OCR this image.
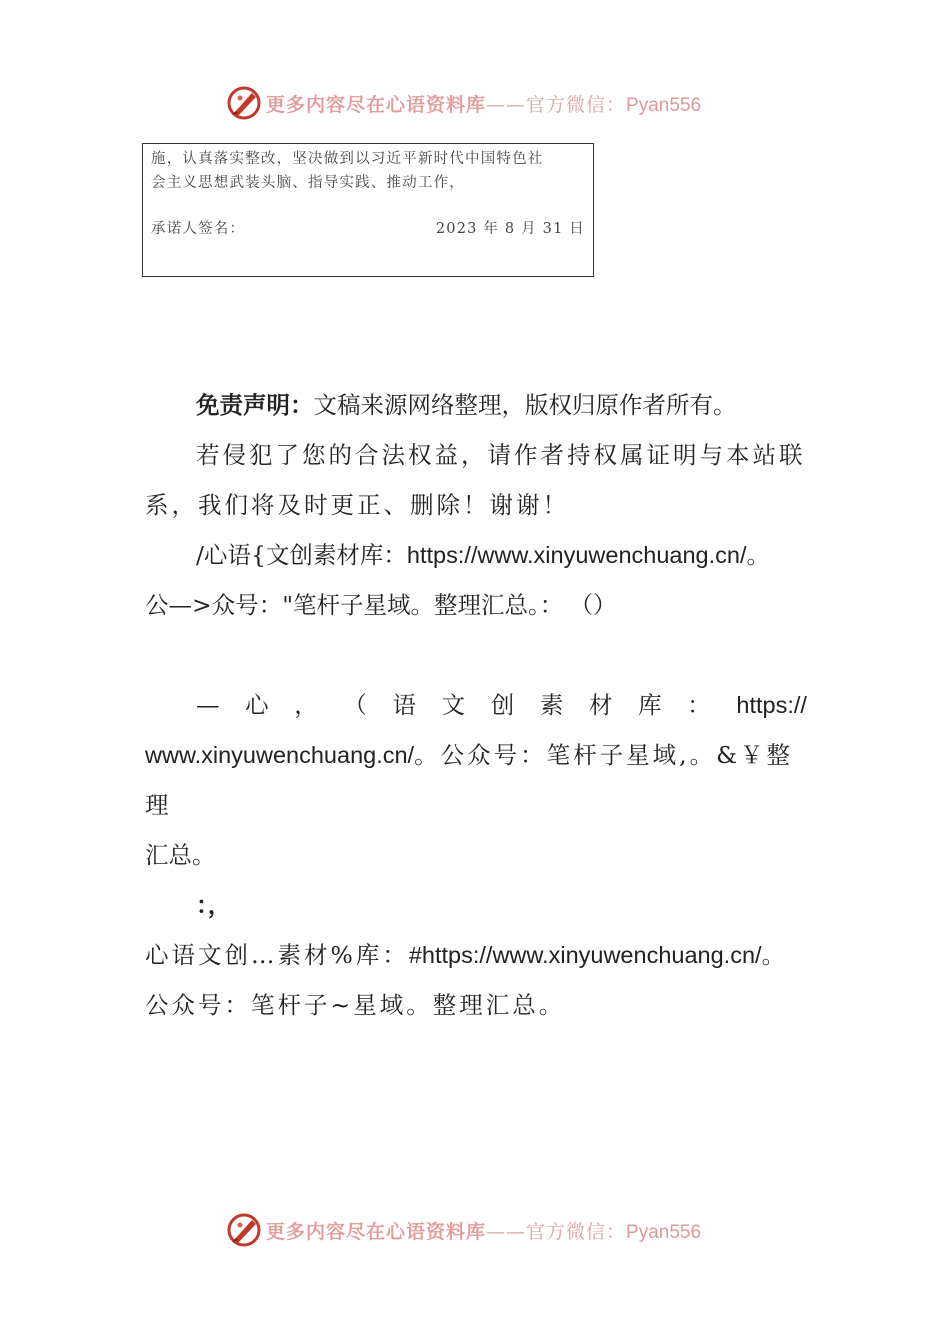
更多内容尽在心语资料库——官方微信：Pyan556

施，认真落实整改，坚决做到以习近平新时代中国特色社

会主义思想武装头脑、指导实践、推动工作，

承诺人签名：	2023 年 8 月 31 日

免责声明：文稿来源网络整理，版权归原作者所有。

若侵犯了您的合法权益，请作者持权属证明与本站联

系，我们将及时更正、删除！谢谢！

/心语{文创素材库：https://www.xinyuwenchuang.cn/。

公—>众号："笔杆子星域。整理汇总。： （）

— 心 ， （ 语 文 创 素 材 库 ： https://

www.xinyuwenchuang.cn/。公众号：笔杆子星域,。&￥整理

汇总。

：，

心语文创…素材%库：#https://www.xinyuwenchuang.cn/。

公众号：笔杆子~星域。整理汇总。

更多内容尽在心语资料库——官方微信：Pyan556
